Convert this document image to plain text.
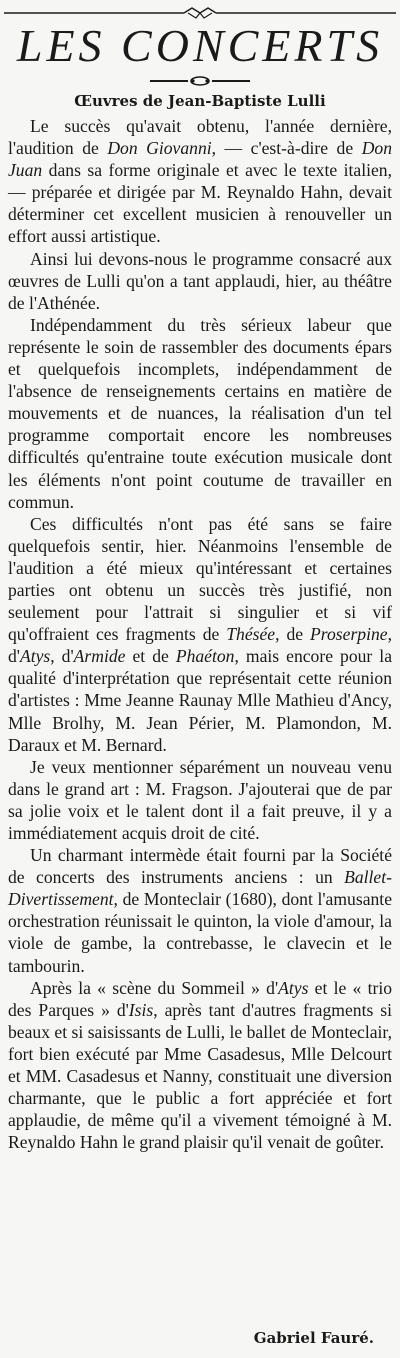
LES CONCERTS
Œuvres de Jean-Baptiste Lulli

Le succès qu'avait obtenu, l'année dernière, l'audition de Don Giovanni, — c'est-à-dire de Don Juan dans sa forme originale et avec le texte italien, — préparée et dirigée par M. Reynaldo Hahn, devait déterminer cet excellent musicien à renouveller un effort aussi artistique.

Ainsi lui devons-nous le programme consacré aux œuvres de Lulli qu'on a tant applaudi, hier, au théâtre de l'Athénée.

Indépendamment du très sérieux labeur que représente le soin de rassembler des documents épars et quelquefois incomplets, indépendamment de l'absence de renseignements certains en matière de mouvements et de nuances, la réalisation d'un tel programme comportait encore les nombreuses difficultés qu'entraine toute exécution musicale dont les éléments n'ont point coutume de travailler en commun.

Ces difficultés n'ont pas été sans se faire quelquefois sentir, hier. Néanmoins l'ensemble de l'audition a été mieux qu'intéressant et certaines parties ont obtenu un succès très justifié, non seulement pour l'attrait si singulier et si vif qu'offraient ces fragments de Thésée, de Proserpine, d'Atys, d'Armide et de Phaéton, mais encore pour la qualité d'interprétation que représentait cette réunion d'artistes : Mme Jeanne Raunay Mlle Mathieu d'Ancy, Mlle Brolhy, M. Jean Périer, M. Plamondon, M. Daraux et M. Bernard.

Je veux mentionner séparément un nouveau venu dans le grand art : M. Fragson. J'ajouterai que de par sa jolie voix et le talent dont il a fait preuve, il y a immédiatement acquis droit de cité.

Un charmant intermède était fourni par la Société de concerts des instruments anciens : un Ballet-Divertissement, de Monteclair (1680), dont l'amusante orchestration réunissait le quinton, la viole d'amour, la viole de gambe, la contrebasse, le clavecin et le tambourin.

Après la « scène du Sommeil » d'Atys et le « trio des Parques » d'Isis, après tant d'autres fragments si beaux et si saisissants de Lulli, le ballet de Monteclair, fort bien exécuté par Mme Casadesus, Mlle Delcourt et MM. Casadesus et Nanny, constituait une diversion charmante, que le public a fort appréciée et fort applaudie, de même qu'il a vivement témoigné à M. Reynaldo Hahn le grand plaisir qu'il venait de goûter.

Gabriel Fauré.
